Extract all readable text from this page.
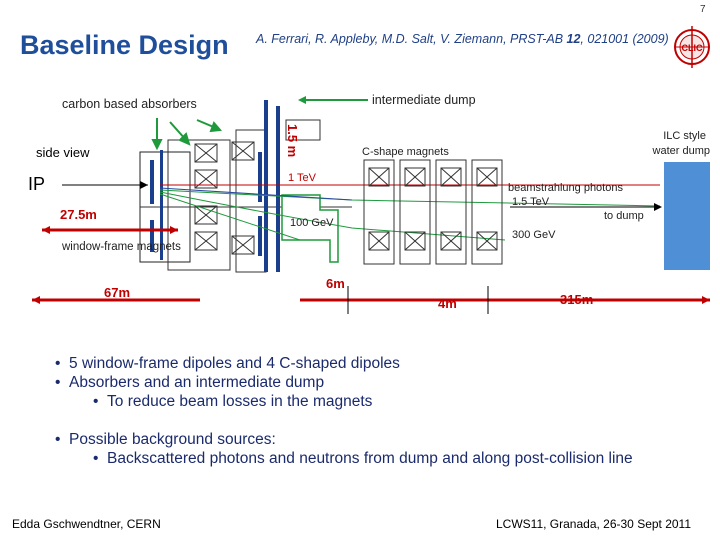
7
Baseline Design A. Ferrari, R. Appleby, M.D. Salt, V. Ziemann, PRST-AB 12, 021001 (2009)
CLIC
carbon based absorbers	intermediate dump
side view	1.5 m	C-shape magnets
ILC style
water dump
IP	1 TeV
beamstrahlung photons
1.5 TeV
to dump
100 GeV
300 GeV
27.5m
window-frame magnets
67m
6m
4m	315m
•  5 window-frame dipoles and 4 C-shaped dipoles
•  Absorbers and an intermediate dump
•  To reduce beam losses in the magnets
•  Possible background sources:
•  Backscattered photons and neutrons from dump and along post-collision line
Edda Gschwendtner, CERN	LCWS11, Granada, 26-30 Sept 2011
